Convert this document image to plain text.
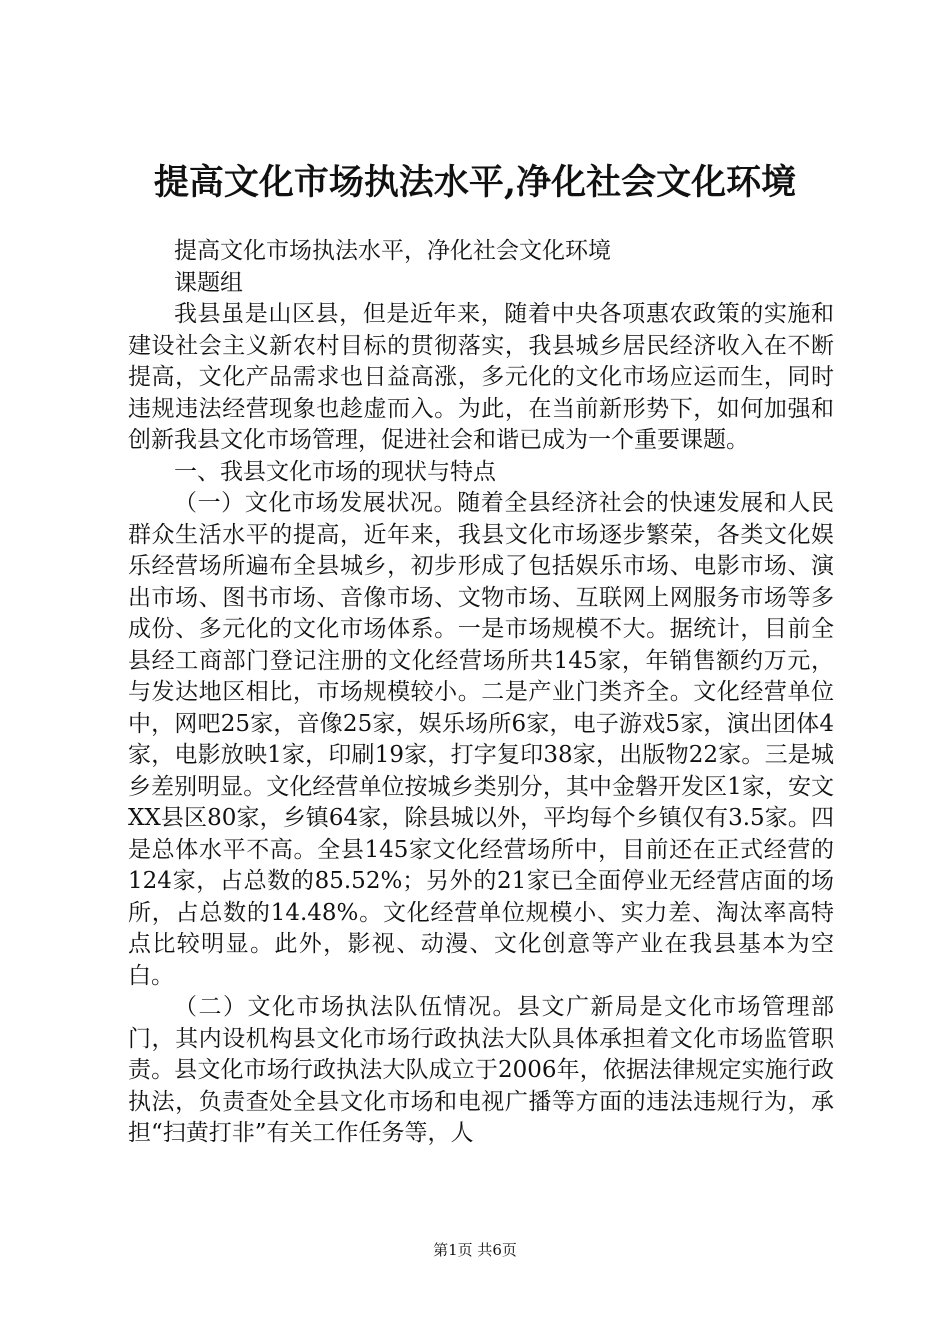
提高文化市场执法水平,净化社会文化环境

提高文化市场执法水平，净化社会文化环境

课题组

我县虽是山区县，但是近年来，随着中央各项惠农政策的实施和建设社会主义新农村目标的贯彻落实，我县城乡居民经济收入在不断提高，文化产品需求也日益高涨，多元化的文化市场应运而生，同时违规违法经营现象也趁虚而入。为此，在当前新形势下，如何加强和创新我县文化市场管理，促进社会和谐已成为一个重要课题。

一、我县文化市场的现状与特点

（一）文化市场发展状况。随着全县经济社会的快速发展和人民群众生活水平的提高，近年来，我县文化市场逐步繁荣，各类文化娱乐经营场所遍布全县城乡，初步形成了包括娱乐市场、电影市场、演出市场、图书市场、音像市场、文物市场、互联网上网服务市场等多成份、多元化的文化市场体系。一是市场规模不大。据统计，目前全县经工商部门登记注册的文化经营场所共145家，年销售额约万元，与发达地区相比，市场规模较小。二是产业门类齐全。文化经营单位中，网吧25家，音像25家，娱乐场所6家，电子游戏5家，演出团体4家，电影放映1家，印刷19家，打字复印38家，出版物22家。三是城乡差别明显。文化经营单位按城乡类别分，其中金磐开发区1家，安文XX县区80家，乡镇64家，除县城以外，平均每个乡镇仅有3.5家。四是总体水平不高。全县145家文化经营场所中，目前还在正式经营的124家，占总数的85.52%；另外的21家已全面停业无经营店面的场所，占总数的14.48%。文化经营单位规模小、实力差、淘汰率高特点比较明显。此外，影视、动漫、文化创意等产业在我县基本为空白。

（二）文化市场执法队伍情况。县文广新局是文化市场管理部门，其内设机构县文化市场行政执法大队具体承担着文化市场监管职责。县文化市场行政执法大队成立于2006年，依据法律规定实施行政执法，负责查处全县文化市场和电视广播等方面的违法违规行为，承担“扫黄打非”有关工作任务等，人

第1页 共6页
